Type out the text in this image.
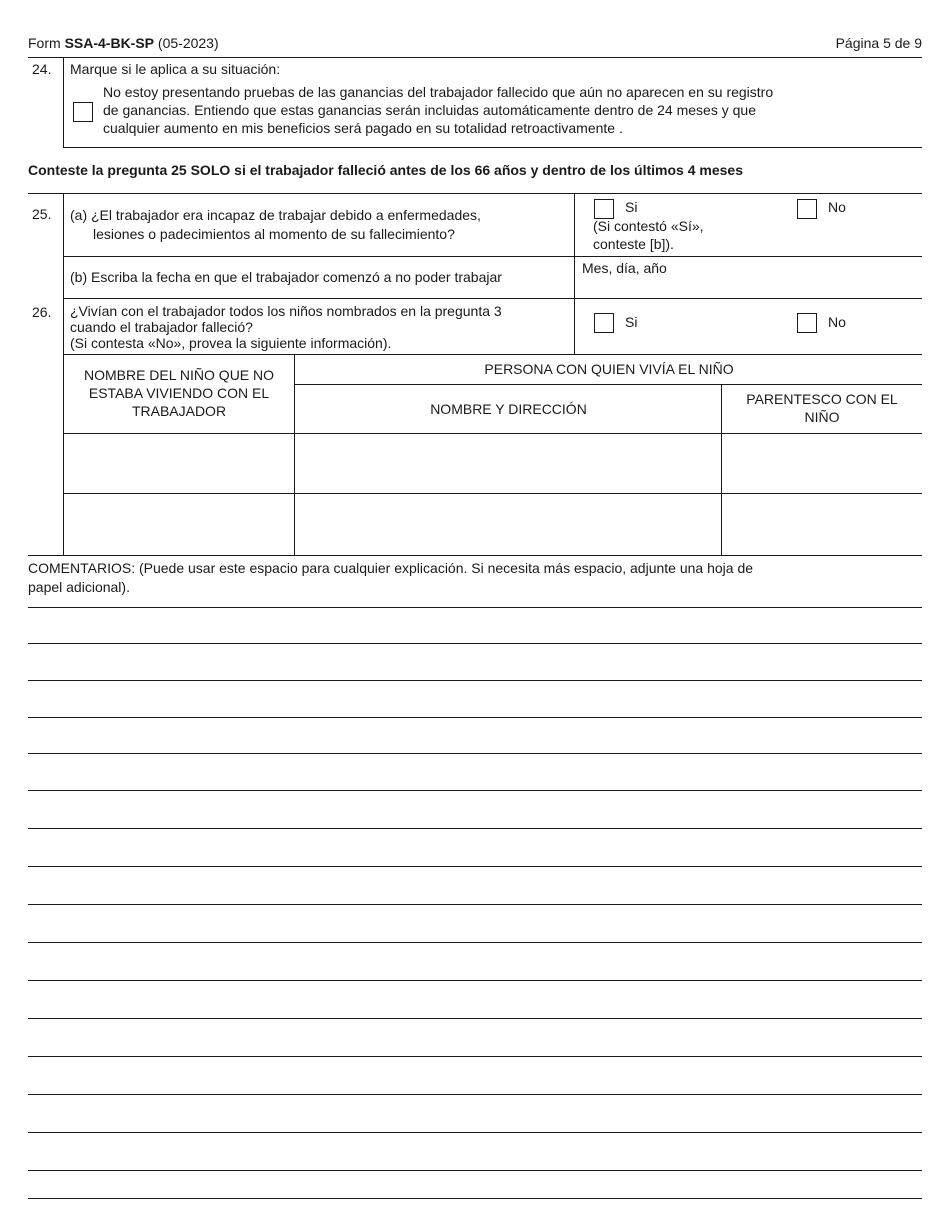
Form SSA-4-BK-SP (05-2023)	Página 5 de 9
24. Marque si le aplica a su situación:
No estoy presentando pruebas de las ganancias del trabajador fallecido que aún no aparecen en su registro
de ganancias. Entiendo que estas ganancias serán incluidas automáticamente dentro de 24 meses y que
cualquier aumento en mis beneficios será pagado en su totalidad retroactivamente .
Conteste la pregunta 25 SOLO si el trabajador falleció antes de los 66 años y dentro de los últimos 4 meses
25. (a) ¿El trabajador era incapaz de trabajar debido a enfermedades,
lesiones o padecimientos al momento de su fallecimiento?
Si
(Si contestó «Sí»,
conteste [b]).
No
(b) Escriba la fecha en que el trabajador comenzó a no poder trabajar
Mes, día, año
26. ¿Vivían con el trabajador todos los niños nombrados en la pregunta 3
cuando el trabajador falleció?
(Si contesta «No», provea la siguiente información).
Si	No
NOMBRE DEL NIÑO QUE NO ESTABA VIVIENDO CON EL TRABAJADOR
PERSONA CON QUIEN VIVÍA EL NIÑO
NOMBRE Y DIRECCIÓN
PARENTESCO CON EL NIÑO
COMENTARIOS: (Puede usar este espacio para cualquier explicación. Si necesita más espacio, adjunte una hoja de
papel adicional).
